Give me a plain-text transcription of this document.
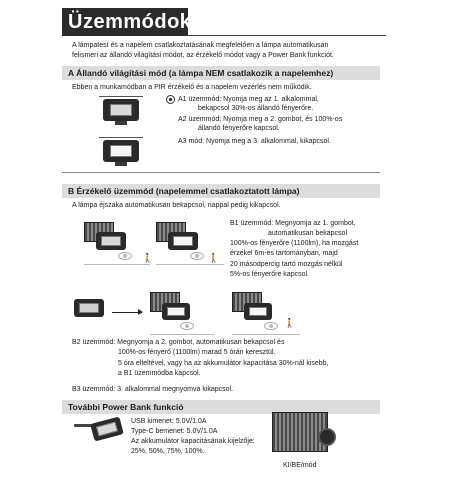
Üzemmódok
A lámpatest és a napelem csatlakoztatásának megfelelően a lámpa automatikusan
felismeri az állandó világítási módot, az érzékelő módot vagy a Power Bank funkciót.
A Állandó világítási mód (a lámpa NEM csatlakozik a napelemhez)
Ebben a munkamódban a PIR érzékelő és a napelem vezérlés nem működik.
A1 üzemmód: Nyomja meg az 1. alkalommal,
bekapcsol 30%-os állandó fényerőre.
A2 üzemmód: Nyomja meg a 2. gombot, és 100%-os
állandó fényerőre kapcsol.
A3 mód: Nyomja meg a 3. alkalommal, kikapcsol.
B Érzékelő üzemmód (napelemmel csatlakoztatott lámpa)
A lámpa éjszaka automatikusan bekapcsol, nappal pedig kikapcsol.
🚶	🚶
B1 üzemmód: Megnyomja az 1. gombot,
automatikusan bekapcsol
100%-os fényerőre (1100lm), ha mozgást
érzékel 6m-es tartományban, majd
20 másodpercig tartó mozgás nélkül
5%-os fényerőre kapcsol.
🚶
B2 üzemmód: Megnyomja a 2. gombot, automatikusan bekapcsol és
100%-os fényerő (1100lm) marad 5 órán keresztül.
5 óra elteltével, vagy ha az akkumulátor kapacitása 30%-nál kisebb,
a B1 üzemmódba kapcsol.
B3 üzemmód: 3. alkalommal megnyomva kikapcsol.
További Power Bank funkció
USB kimenet: 5.0V/1.0A
Type-C bemenet: 5.0V/1.0A
Az akkumulátor kapacitásának kijelzője:
25%, 50%, 75%, 100%.
KI/BE/mód
